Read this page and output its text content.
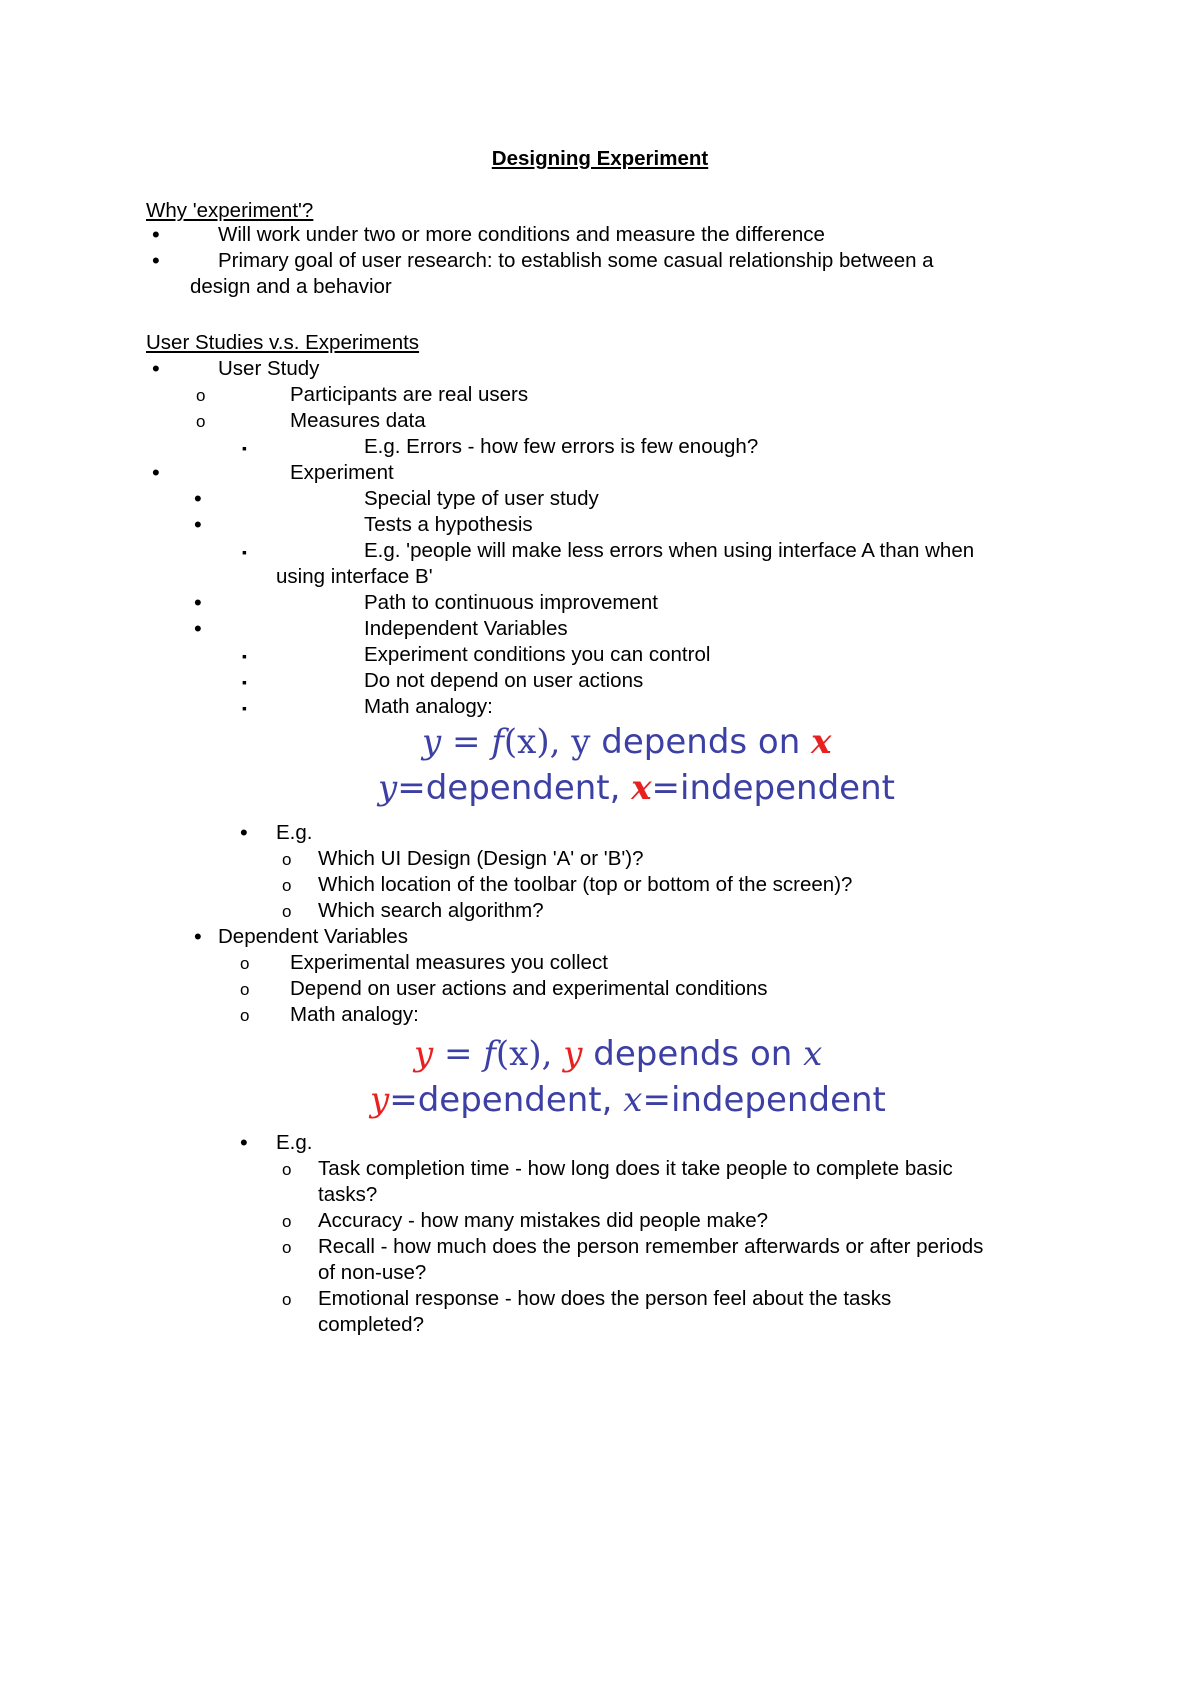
Designing Experiment
Why 'experiment'?
•
Will work under two or more conditions and measure the difference
•
Primary goal of user research: to establish some casual relationship between a
design and a behavior
User Studies v.s. Experiments
•
User Study
o
Participants are real users
o
Measures data
▪
E.g. Errors - how few errors is few enough?
•
Experiment
•
Special type of user study
•
Tests a hypothesis
▪
E.g. 'people will make less errors when using interface A than when
using interface B'
•
Path to continuous improvement
•
Independent Variables
▪
Experiment conditions you can control
▪
Do not depend on user actions
▪
Math analogy:
y = f(x), y depends on x
y=dependent, x=independent
•
E.g.
o
Which UI Design (Design 'A' or 'B')?
o
Which location of the toolbar (top or bottom of the screen)?
o
Which search algorithm?
•
Dependent Variables
o
Experimental measures you collect
o
Depend on user actions and experimental conditions
o
Math analogy:
y = f(x), y depends on x
y=dependent, x=independent
•
E.g.
o
Task completion time - how long does it take people to complete basic
tasks?
o
Accuracy - how many mistakes did people make?
o
Recall - how much does the person remember afterwards or after periods
of non-use?
o
Emotional response - how does the person feel about the tasks
completed?
